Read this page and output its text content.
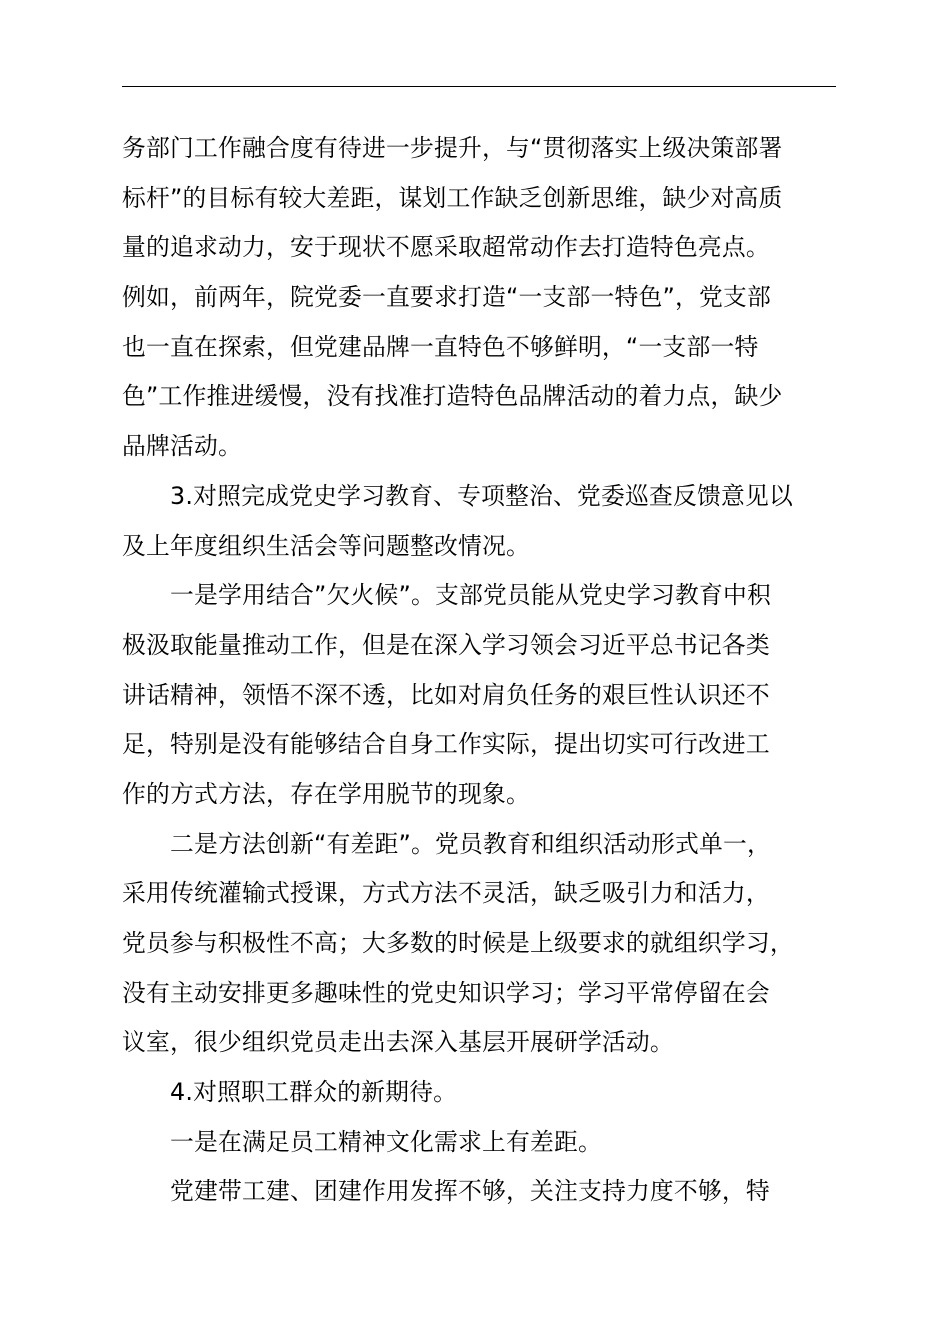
务部门工作融合度有待进一步提升，与“贯彻落实上级决策部署
标杆”的目标有较大差距，谋划工作缺乏创新思维，缺少对高质
量的追求动力，安于现状不愿采取超常动作去打造特色亮点。
例如，前两年，院党委一直要求打造“一支部一特色”，党支部
也一直在探索，但党建品牌一直特色不够鲜明，“一支部一特
色”工作推进缓慢，没有找准打造特色品牌活动的着力点，缺少
品牌活动。
3.对照完成党史学习教育、专项整治、党委巡查反馈意见以
及上年度组织生活会等问题整改情况。
一是学用结合”欠火候”。支部党员能从党史学习教育中积
极汲取能量推动工作，但是在深入学习领会习近平总书记各类
讲话精神，领悟不深不透，比如对肩负任务的艰巨性认识还不
足，特别是没有能够结合自身工作实际，提出切实可行改进工
作的方式方法，存在学用脱节的现象。
二是方法创新“有差距”。党员教育和组织活动形式单一，
采用传统灌输式授课，方式方法不灵活，缺乏吸引力和活力，
党员参与积极性不高；大多数的时候是上级要求的就组织学习，
没有主动安排更多趣味性的党史知识学习；学习平常停留在会
议室，很少组织党员走出去深入基层开展研学活动。
4.对照职工群众的新期待。
一是在满足员工精神文化需求上有差距。
党建带工建、团建作用发挥不够，关注支持力度不够，特
